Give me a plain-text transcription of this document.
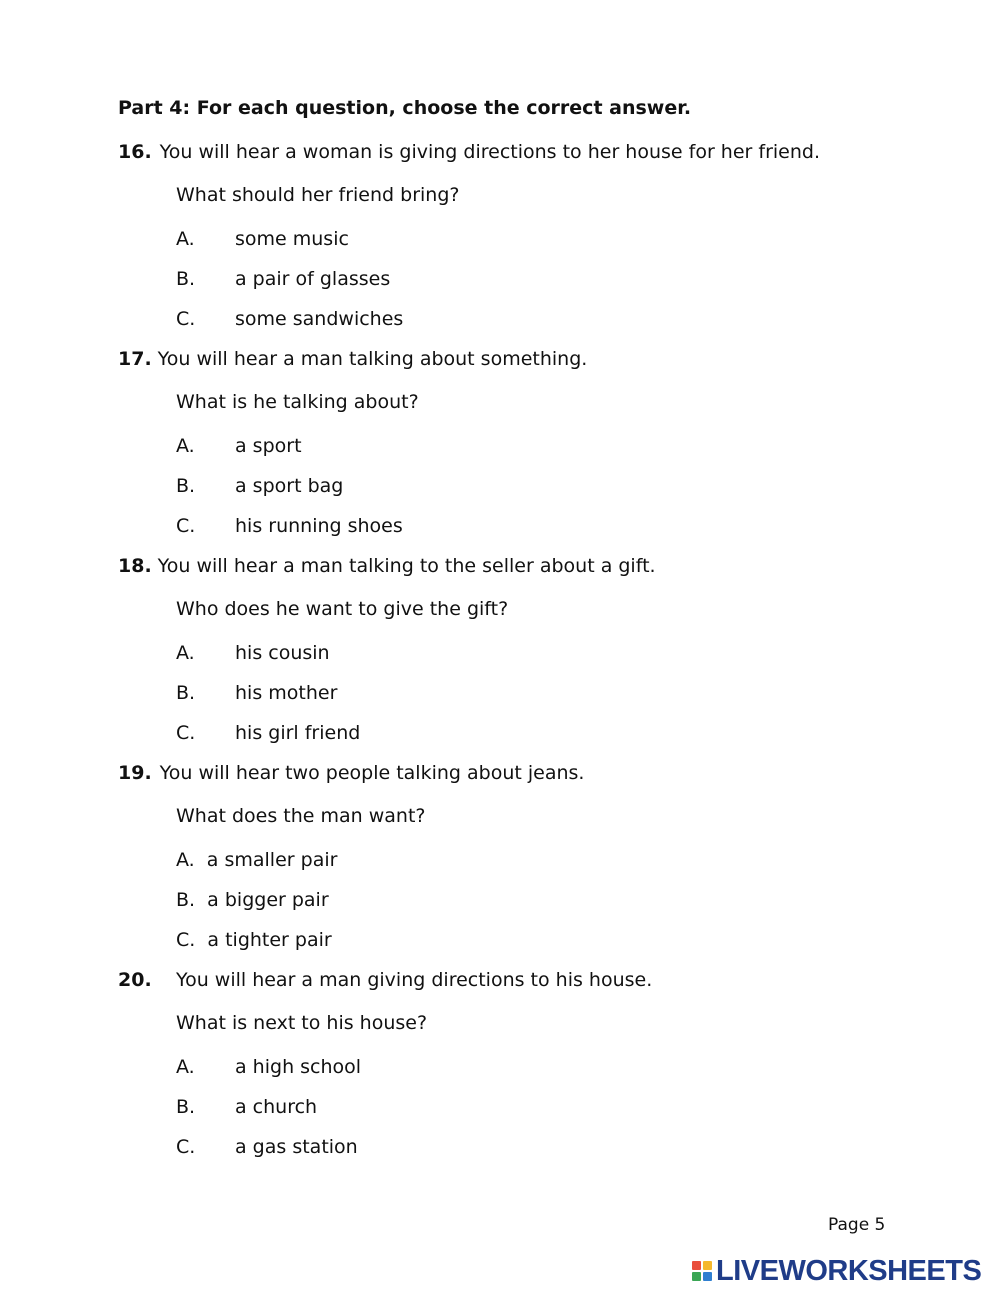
Part 4: For each question, choose the correct answer.
16. You will hear a woman is giving directions to her house for her friend.
What should her friend bring?
A. some music
B. a pair of glasses
C. some sandwiches
17. You will hear a man talking about something.
What is he talking about?
A. a sport
B. a sport bag
C. his running shoes
18. You will hear a man talking to the seller about a gift.
Who does he want to give the gift?
A. his cousin
B. his mother
C. his girl friend
19. You will hear two people talking about jeans.
What does the man want?
A. a smaller pair
B. a bigger pair
C. a tighter pair
20. You will hear a man giving directions to his house.
What is next to his house?
A. a high school
B. a church
C. a gas station
Page 5
LIVEWORKSHEETS
